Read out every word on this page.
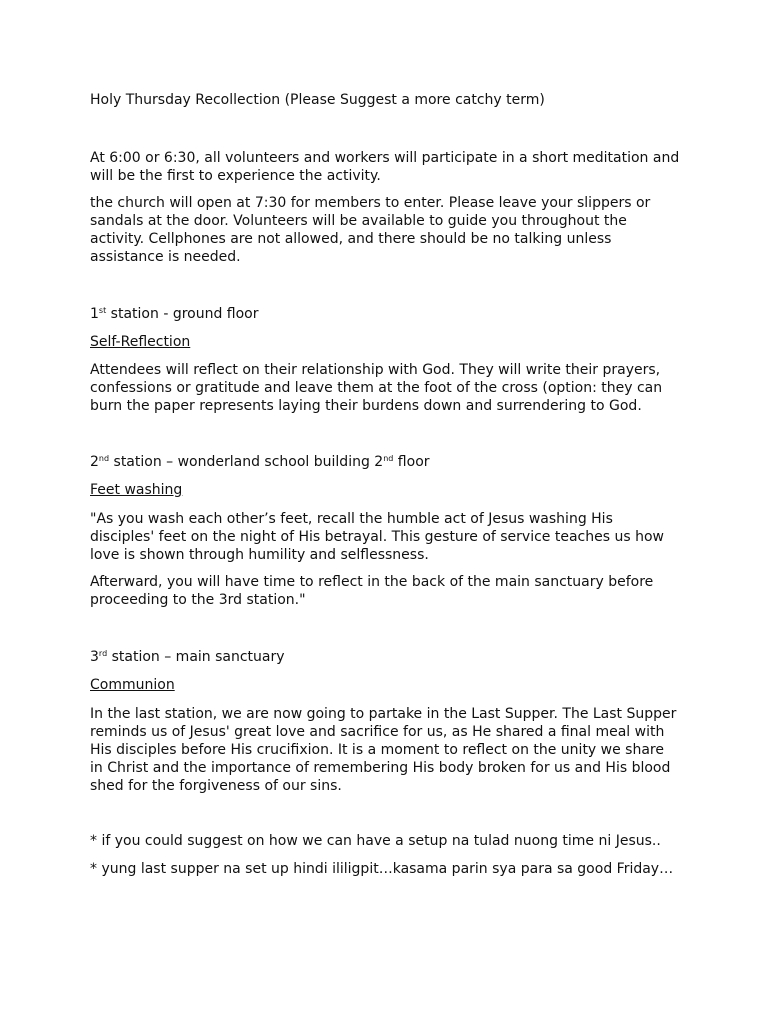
Holy Thursday Recollection (Please Suggest a more catchy term)

At 6:00 or 6:30, all volunteers and workers will participate in a short meditation and will be the first to experience the activity.

the church will open at 7:30 for members to enter. Please leave your slippers or sandals at the door. Volunteers will be available to guide you throughout the activity. Cellphones are not allowed, and there should be no talking unless assistance is needed.

1st station - ground floor

Self-Reflection

Attendees will reflect on their relationship with God. They will write their prayers, confessions or gratitude and leave them at the foot of the cross (option: they can burn the paper represents laying their burdens down and surrendering to God.

2nd station – wonderland school building 2nd floor

Feet washing

"As you wash each other’s feet, recall the humble act of Jesus washing His disciples' feet on the night of His betrayal. This gesture of service teaches us how love is shown through humility and selflessness.

Afterward, you will have time to reflect in the back of the main sanctuary before proceeding to the 3rd station."

3rd station – main sanctuary

Communion

In the last station, we are now going to partake in the Last Supper. The Last Supper reminds us of Jesus' great love and sacrifice for us, as He shared a final meal with His disciples before His crucifixion. It is a moment to reflect on the unity we share in Christ and the importance of remembering His body broken for us and His blood shed for the forgiveness of our sins.

* if you could suggest on how we can have a setup na tulad nuong time ni Jesus..

* yung last supper na set up hindi ililigpit…kasama parin sya para sa good Friday…
